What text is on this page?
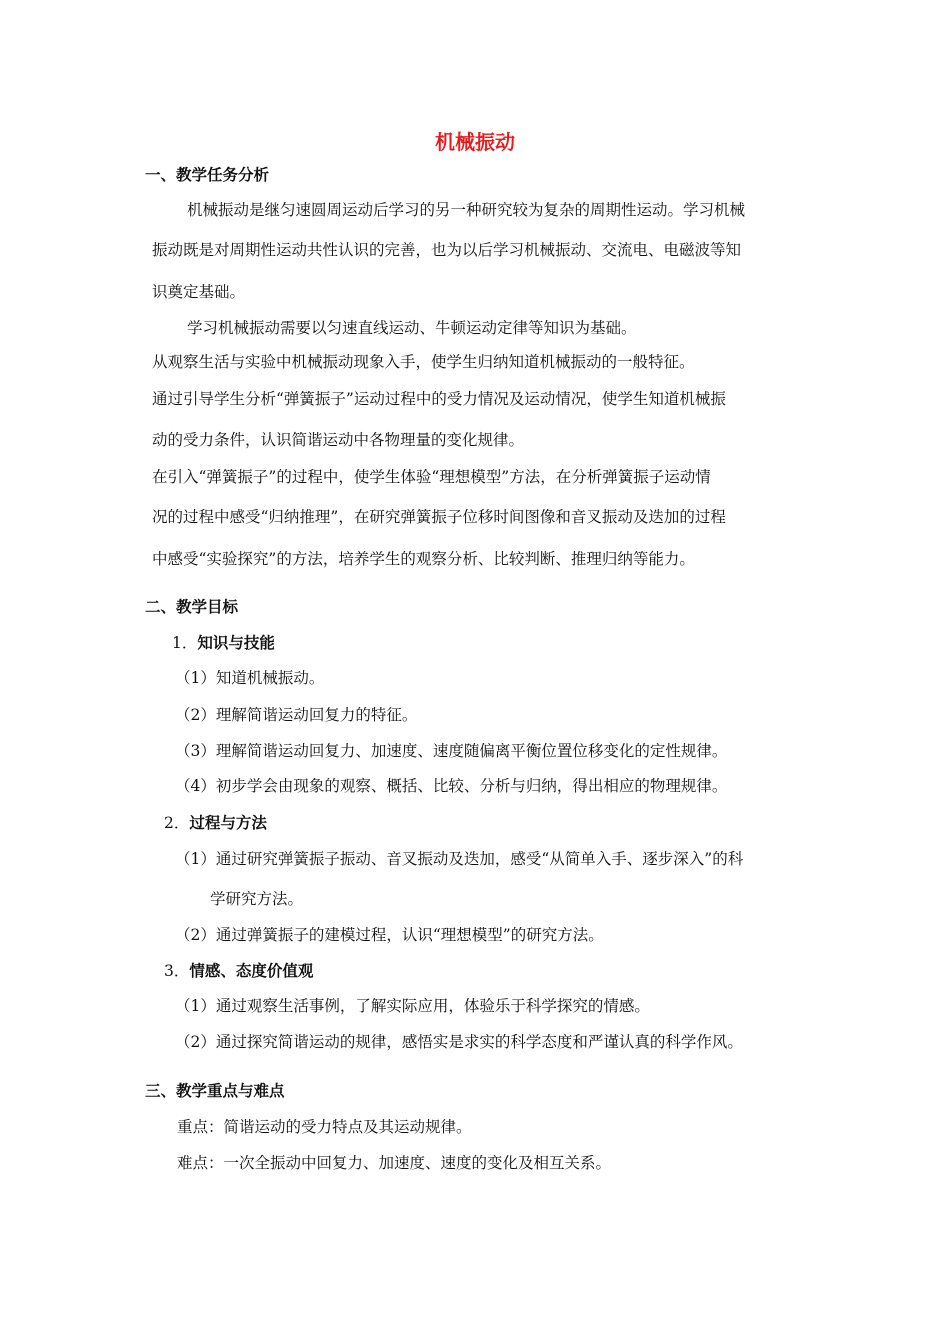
机械振动
一、教学任务分析
机械振动是继匀速圆周运动后学习的另一种研究较为复杂的周期性运动。学习机械
振动既是对周期性运动共性认识的完善，也为以后学习机械振动、交流电、电磁波等知
识奠定基础。
学习机械振动需要以匀速直线运动、牛顿运动定律等知识为基础。
从观察生活与实验中机械振动现象入手，使学生归纳知道机械振动的一般特征。
通过引导学生分析“弹簧振子”运动过程中的受力情况及运动情况，使学生知道机械振
动的受力条件，认识简谐运动中各物理量的变化规律。
在引入“弹簧振子”的过程中，使学生体验“理想模型”方法，在分析弹簧振子运动情
况的过程中感受“归纳推理”，在研究弹簧振子位移时间图像和音叉振动及迭加的过程
中感受“实验探究”的方法，培养学生的观察分析、比较判断、推理归纳等能力。
二、教学目标
1．知识与技能
（1）知道机械振动。
（2）理解简谐运动回复力的特征。
（3）理解简谐运动回复力、加速度、速度随偏离平衡位置位移变化的定性规律。
（4）初步学会由现象的观察、概括、比较、分析与归纳，得出相应的物理规律。
2．过程与方法
（1）通过研究弹簧振子振动、音叉振动及迭加，感受“从简单入手、逐步深入”的科
学研究方法。
（2）通过弹簧振子的建模过程，认识“理想模型”的研究方法。
3．情感、态度价值观
（1）通过观察生活事例，了解实际应用，体验乐于科学探究的情感。
（2）通过探究简谐运动的规律，感悟实是求实的科学态度和严谨认真的科学作风。
三、教学重点与难点
重点：简谐运动的受力特点及其运动规律。
难点：一次全振动中回复力、加速度、速度的变化及相互关系。
